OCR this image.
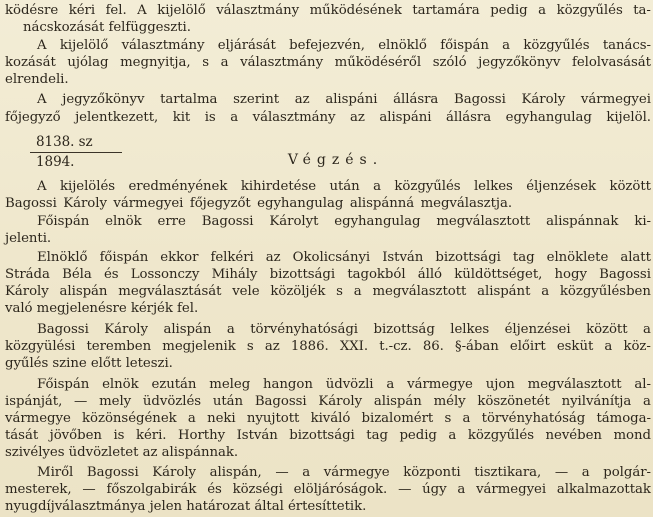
ködésre kéri fel. A kijelölő választmány működésének tartamára pedig a közgyűlés ta-
nácskozását felfüggeszti.
A kijelölő választmány eljárását befejezvén, elnöklő főispán a közgyűlés tanács-
kozását ujólag megnyitja, s a választmány működéséről szóló jegyzőkönyv felolvasását
elrendeli.
A jegyzőkönyv tartalma szerint az alispáni állásra Bagossi Károly vármegyei
főjegyző jelentkezett, kit is a választmány az alispáni állásra egyhangulag kijelöl.
8138. sz
1894.	Végzés.
A kijelölés eredményének kihirdetése után a közgyűlés lelkes éljenzések között
Bagossi Károly vármegyei főjegyzőt egyhangulag alispánná megválasztja.
Főispán elnök erre Bagossi Károlyt egyhangulag megválasztott alispánnak ki-
jelenti.
Elnöklő főispán ekkor felkéri az Okolicsányi István bizottsági tag elnöklete alatt
Stráda Béla és Lossonczy Mihály bizottsági tagokból álló küldöttséget, hogy Bagossi
Károly alispán megválasztását vele közöljék s a megválasztott alispánt a közgyűlésben
való megjelenésre kérjék fel.
Bagossi Károly alispán a törvényhatósági bizottság lelkes éljenzései között a
közgyülési teremben megjelenik s az 1886. XXI. t.-cz. 86. §-ában előirt esküt a köz-
gyűlés szine előtt leteszi.
Főispán elnök ezután meleg hangon üdvözli a vármegye ujon megválasztott al-
ispánját, — mely üdvözlés után Bagossi Károly alispán mély köszönetét nyilvánítja a
vármegye közönségének a neki nyujtott kiváló bizalomért s a törvényhatóság támoga-
tását jövőben is kéri. Horthy István bizottsági tag pedig a közgyűlés nevében mond
szivélyes üdvözletet az alispánnak.
Miről Bagossi Károly alispán, — a vármegye központi tisztikara, — a polgár-
mesterek, — főszolgabirák és községi elöljáróságok. — úgy a vármegyei alkalmazottak
nyugdíjválasztmánya jelen határozat által értesíttetik.
